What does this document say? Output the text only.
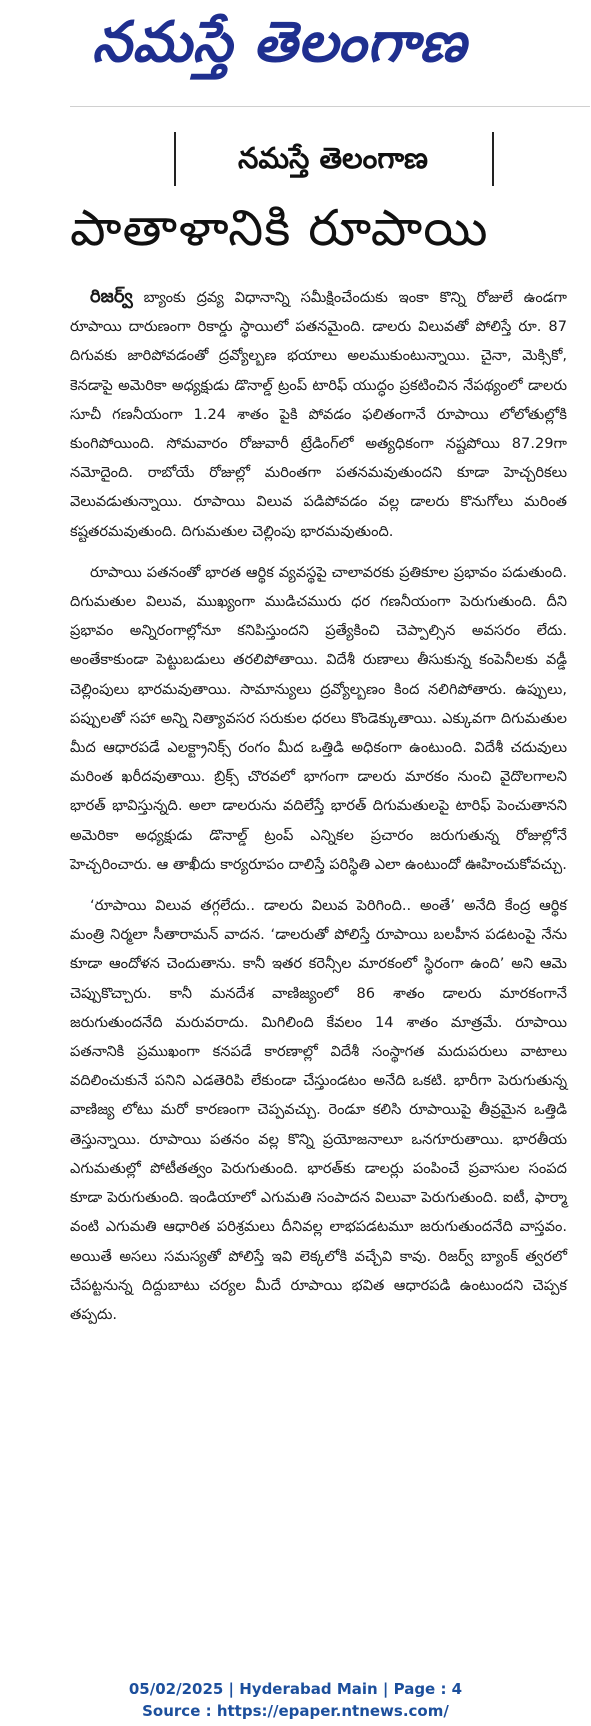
నమస్తే తెలంగాణ
నమస్తే తెలంగాణ
పాతాళానికి రూపాయి

రిజర్వ్ బ్యాంకు ద్రవ్య విధానాన్ని సమీక్షించేందుకు ఇంకా కొన్ని రోజులే ఉండగా రూపాయి దారుణంగా రికార్డు స్థాయిలో పతనమైంది. డాలరు విలువతో పోలిస్తే రూ. 87 దిగువకు జారిపోవడంతో ద్రవ్యోల్బణ భయాలు అలముకుంటున్నాయి. చైనా, మెక్సికో, కెనడాపై అమెరికా అధ్యక్షుడు డొనాల్డ్ ట్రంప్ టారిఫ్ యుద్ధం ప్రకటించిన నేపథ్యంలో డాలరు సూచీ గణనీయంగా 1.24 శాతం పైకి పోవడం ఫలితంగానే రూపాయి లోలోతుల్లోకి కుంగిపోయింది. సోమవారం రోజువారీ ట్రేడింగ్‌లో అత్యధికంగా నష్టపోయి 87.29గా నమోదైంది. రాబోయే రోజుల్లో మరింతగా పతనమవుతుందని కూడా హెచ్చరికలు వెలువడుతున్నాయి. రూపాయి విలువ పడిపోవడం వల్ల డాలరు కొనుగోలు మరింత కష్టతరమవుతుంది. దిగుమతుల చెల్లింపు భారమవుతుంది.

రూపాయి పతనంతో భారత ఆర్థిక వ్యవస్థపై చాలావరకు ప్రతికూల ప్రభావం పడుతుంది. దిగుమతుల విలువ, ముఖ్యంగా ముడిచమురు ధర గణనీయంగా పెరుగుతుంది. దీని ప్రభావం అన్నిరంగాల్లోనూ కనిపిస్తుందని ప్రత్యేకించి చెప్పాల్సిన అవసరం లేదు. అంతేకాకుండా పెట్టుబడులు తరలిపోతాయి. విదేశీ రుణాలు తీసుకున్న కంపెనీలకు వడ్డీ చెల్లింపులు భారమవుతాయి. సామాన్యులు ద్రవ్యోల్బణం కింద నలిగిపోతారు. ఉప్పులు, పప్పులతో సహా అన్ని నిత్యావసర సరుకుల ధరలు కొండెక్కుతాయి. ఎక్కువగా దిగుమతుల మీద ఆధారపడే ఎలక్ట్రానిక్స్ రంగం మీద ఒత్తిడి అధికంగా ఉంటుంది. విదేశీ చదువులు మరింత ఖరీదవుతాయి. బ్రిక్స్ చొరవలో భాగంగా డాలరు మారకం నుంచి వైదొలగాలని భారత్ భావిస్తున్నది. అలా డాలరును వదిలేస్తే భారత్ దిగుమతులపై టారిఫ్ పెంచుతానని అమెరికా అధ్యక్షుడు డొనాల్డ్ ట్రంప్ ఎన్నికల ప్రచారం జరుగుతున్న రోజుల్లోనే హెచ్చరించారు. ఆ తాఖీదు కార్యరూపం దాలిస్తే పరిస్థితి ఎలా ఉంటుందో ఊహించుకోవచ్చు.

‘రూపాయి విలువ తగ్గలేదు.. డాలరు విలువ పెరిగింది.. అంతే’ అనేది కేంద్ర ఆర్థిక మంత్రి నిర్మలా సీతారామన్ వాదన. ‘డాలరుతో పోలిస్తే రూపాయి బలహీన పడటంపై నేను కూడా ఆందోళన చెందుతాను. కానీ ఇతర కరెన్సీల మారకంలో స్థిరంగా ఉంది’ అని ఆమె చెప్పుకొచ్చారు. కానీ మనదేశ వాణిజ్యంలో 86 శాతం డాలరు మారకంగానే జరుగుతుందనేది మరువరాదు. మిగిలింది కేవలం 14 శాతం మాత్రమే. రూపాయి పతనానికి ప్రముఖంగా కనపడే కారణాల్లో విదేశీ సంస్థాగత మదుపరులు వాటాలు వదిలించుకునే పనిని ఎడతెరిపి లేకుండా చేస్తుండటం అనేది ఒకటి. భారీగా పెరుగుతున్న వాణిజ్య లోటు మరో కారణంగా చెప్పవచ్చు. రెండూ కలిసి రూపాయిపై తీవ్రమైన ఒత్తిడి తెస్తున్నాయి. రూపాయి పతనం వల్ల కొన్ని ప్రయోజనాలూ ఒనగూరుతాయి. భారతీయ ఎగుమతుల్లో పోటీతత్వం పెరుగుతుంది. భారత్‌కు డాలర్లు పంపించే ప్రవాసుల సంపద కూడా పెరుగుతుంది. ఇండియాలో ఎగుమతి సంపాదన విలువా పెరుగుతుంది. ఐటీ, ఫార్మా వంటి ఎగుమతి ఆధారిత పరిశ్రమలు దీనివల్ల లాభపడటమూ జరుగుతుందనేది వాస్తవం. అయితే అసలు సమస్యతో పోలిస్తే ఇవి లెక్కలోకి వచ్చేవి కావు. రిజర్వ్ బ్యాంక్ త్వరలో చేపట్టనున్న దిద్దుబాటు చర్యల మీదే రూపాయి భవిత ఆధారపడి ఉంటుందని చెప్పక తప్పదు.

05/02/2025 | Hyderabad Main | Page : 4
Source : https://epaper.ntnews.com/
